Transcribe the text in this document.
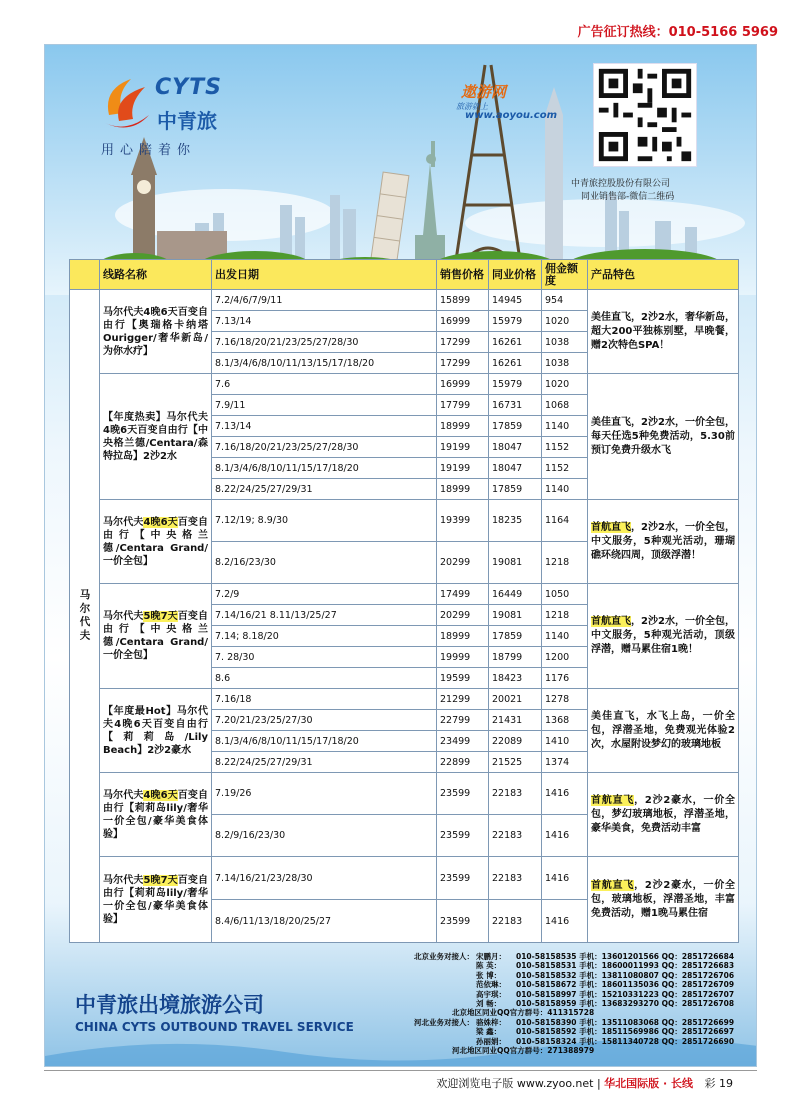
广告征订热线：010-5166 5969
CYTS
中青旅
用心陪着你
遨游网
旅游就上
www.aoyou.com
中青旅控股股份有限公司
同业销售部-微信二维码
中青旅出境旅游公司
CHINA CYTS OUTBOUND TRAVEL SERVICE
	线路名称	出发日期	销售价格	同业价格	佣金额度	产品特色
马尔代夫	马尔代夫4晚6天百变自由行【奥瑞格卡纳塔Ourigger/奢华新岛/为你水疗】	7.2/4/6/7/9/11	15899	14945	954	美佳直飞，2沙2水，奢华新岛，超大200平独栋别墅，早晚餐，赠2次特色SPA！
		7.13/14	16999	15979	1020	
		7.16/18/20/21/23/25/27/28/30	17299	16261	1038	
		8.1/3/4/6/8/10/11/13/15/17/18/20	17299	16261	1038	
	【年度热卖】马尔代夫4晚6天百变自由行【中央格兰德/Centara/森特拉岛】2沙2水	7.6	16999	15979	1020	美佳直飞，2沙2水，一价全包，每天任选5种免费活动，5.30前预订免费升级水飞
		7.9/11	17799	16731	1068	
		7.13/14	18999	17859	1140	
		7.16/18/20/21/23/25/27/28/30	19199	18047	1152	
		8.1/3/4/6/8/10/11/15/17/18/20	19199	18047	1152	
		8.22/24/25/27/29/31	18999	17859	1140	
	马尔代夫4晚6天百变自由行【中央格兰德/Centara Grand/一价全包】	7.12/19; 8.9/30	19399	18235	1164	首航直飞，2沙2水，一价全包，中文服务，5种观光活动，珊瑚礁环绕四周，顶级浮潜！
		8.2/16/23/30	20299	19081	1218	
	马尔代夫5晚7天百变自由行【中央格兰德/Centara Grand/一价全包】	7.2/9	17499	16449	1050	首航直飞，2沙2水，一价全包，中文服务，5种观光活动，顶级浮潜，赠马累住宿1晚！
		7.14/16/21 8.11/13/25/27	20299	19081	1218	
		7.14; 8.18/20	18999	17859	1140	
		7. 28/30	19999	18799	1200	
		8.6	19599	18423	1176	
	【年度最Hot】马尔代夫4晚6天百变自由行【莉莉岛/Lily Beach】2沙2豪水	7.16/18	21299	20021	1278	美佳直飞，水飞上岛，一价全包，浮潜圣地，免费观光体验2次，水屋附设梦幻的玻璃地板
		7.20/21/23/25/27/30	22799	21431	1368	
		8.1/3/4/6/8/10/11/15/17/18/20	23499	22089	1410	
		8.22/24/25/27/29/31	22899	21525	1374	
	马尔代夫4晚6天百变自由行【莉莉岛lily/奢华一价全包/豪华美食体验】	7.19/26	23599	22183	1416	首航直飞，2沙2豪水，一价全包，梦幻玻璃地板，浮潜圣地，豪华美食，免费活动丰富
		8.2/9/16/23/30	23599	22183	1416	
	马尔代夫5晚7天百变自由行【莉莉岛lily/奢华一价全包/豪华美食体验】	7.14/16/21/23/28/30	23599	22183	1416	首航直飞，2沙2豪水，一价全包，玻璃地板，浮潜圣地，丰富免费活动，赠1晚马累住宿
		8.4/6/11/13/18/20/25/27	23599	22183	1416	
北京业务对接人： 宋鹏月：	010-58158535 手机：13601201566 QQ：2851726684
陈 英：	010-58158531 手机：18600011993 QQ：2851726683
张 博：	010-58158532 手机：13811080807 QQ：2851726706
范依琳：	010-58158672 手机：18601135036 QQ：2851726709
高宇琪：	010-58158997 手机：15210331223 QQ：2851726707
刘 畅：	010-58158959 手机：13683293270 QQ：2851726708
北京地区同业QQ官方群号：411315728
河北业务对接人： 骆姝梓：	010-58158390 手机：13511083068 QQ：2851726699
梁 鑫：	010-58158592 手机：18511569986 QQ：2851726697
孙丽娟：	010-58158324 手机：15811340728 QQ：2851726690
河北地区同业QQ官方群号：271388979
欢迎浏览电子版 www.zyoo.net | 华北国际版 · 长线 彩 19
